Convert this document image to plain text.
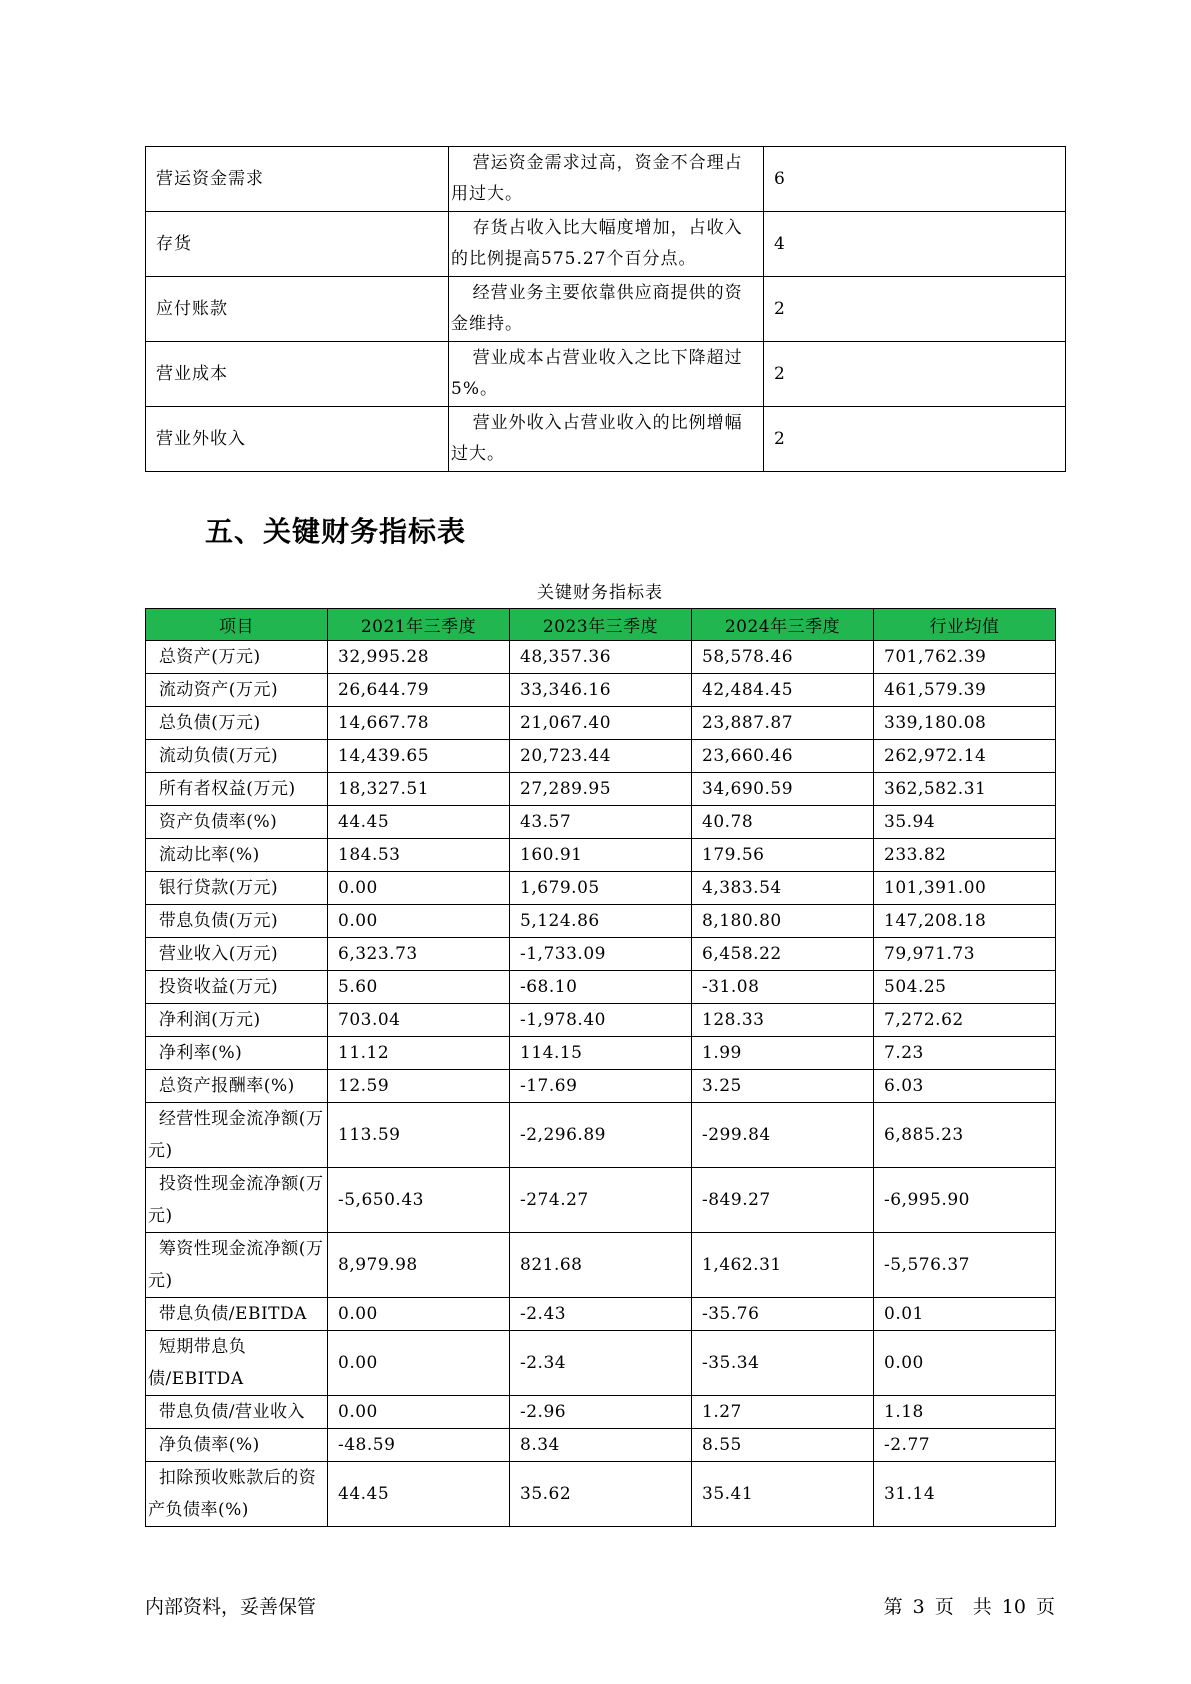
营运资金需求	营运资金需求过高，资金不合理占用过大。	6
存货	存货占收入比大幅度增加，占收入的比例提高575.27个百分点。	4
应付账款	经营业务主要依靠供应商提供的资金维持。	2
营业成本	营业成本占营业收入之比下降超过5%。	2
营业外收入	营业外收入占营业收入的比例增幅过大。	2
五、关键财务指标表
关键财务指标表
项目	2021年三季度	2023年三季度	2024年三季度	行业均值
总资产(万元)	32,995.28	48,357.36	58,578.46	701,762.39
流动资产(万元)	26,644.79	33,346.16	42,484.45	461,579.39
总负债(万元)	14,667.78	21,067.40	23,887.87	339,180.08
流动负债(万元)	14,439.65	20,723.44	23,660.46	262,972.14
所有者权益(万元)	18,327.51	27,289.95	34,690.59	362,582.31
资产负债率(%)	44.45	43.57	40.78	35.94
流动比率(%)	184.53	160.91	179.56	233.82
银行贷款(万元)	0.00	1,679.05	4,383.54	101,391.00
带息负债(万元)	0.00	5,124.86	8,180.80	147,208.18
营业收入(万元)	6,323.73	-1,733.09	6,458.22	79,971.73
投资收益(万元)	5.60	-68.10	-31.08	504.25
净利润(万元)	703.04	-1,978.40	128.33	7,272.62
净利率(%)	11.12	114.15	1.99	7.23
总资产报酬率(%)	12.59	-17.69	3.25	6.03
经营性现金流净额(万元)	113.59	-2,296.89	-299.84	6,885.23
投资性现金流净额(万元)	-5,650.43	-274.27	-849.27	-6,995.90
筹资性现金流净额(万元)	8,979.98	821.68	1,462.31	-5,576.37
带息负债/EBITDA	0.00	-2.43	-35.76	0.01
短期带息负债/EBITDA	0.00	-2.34	-35.34	0.00
带息负债/营业收入	0.00	-2.96	1.27	1.18
净负债率(%)	-48.59	8.34	8.55	-2.77
扣除预收账款后的资产负债率(%)	44.45	35.62	35.41	31.14
内部资料，妥善保管	第 3 页　共 10 页
